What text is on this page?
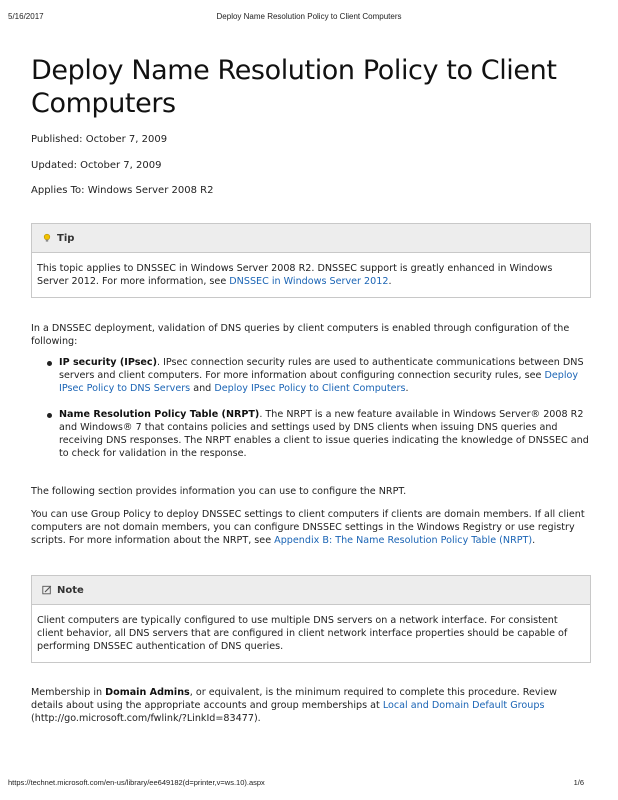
5/16/2017	Deploy Name Resolution Policy to Client Computers
Deploy Name Resolution Policy to Client Computers
Published: October 7, 2009
Updated: October 7, 2009
Applies To: Windows Server 2008 R2
Tip
This topic applies to DNSSEC in Windows Server 2008 R2. DNSSEC support is greatly enhanced in Windows Server 2012. For more information, see DNSSEC in Windows Server 2012.
In a DNSSEC deployment, validation of DNS queries by client computers is enabled through configuration of the following:
IP security (IPsec). IPsec connection security rules are used to authenticate communications between DNS servers and client computers. For more information about configuring connection security rules, see Deploy IPsec Policy to DNS Servers and Deploy IPsec Policy to Client Computers.
Name Resolution Policy Table (NRPT). The NRPT is a new feature available in Windows Server® 2008 R2 and Windows® 7 that contains policies and settings used by DNS clients when issuing DNS queries and receiving DNS responses. The NRPT enables a client to issue queries indicating the knowledge of DNSSEC and to check for validation in the response.
The following section provides information you can use to configure the NRPT.
You can use Group Policy to deploy DNSSEC settings to client computers if clients are domain members. If all client computers are not domain members, you can configure DNSSEC settings in the Windows Registry or use registry scripts. For more information about the NRPT, see Appendix B: The Name Resolution Policy Table (NRPT).
Note
Client computers are typically configured to use multiple DNS servers on a network interface. For consistent client behavior, all DNS servers that are configured in client network interface properties should be capable of performing DNSSEC authentication of DNS queries.
Membership in Domain Admins, or equivalent, is the minimum required to complete this procedure. Review details about using the appropriate accounts and group memberships at Local and Domain Default Groups (http://go.microsoft.com/fwlink/?LinkId=83477).
https://technet.microsoft.com/en-us/library/ee649182(d=printer,v=ws.10).aspx	1/6
